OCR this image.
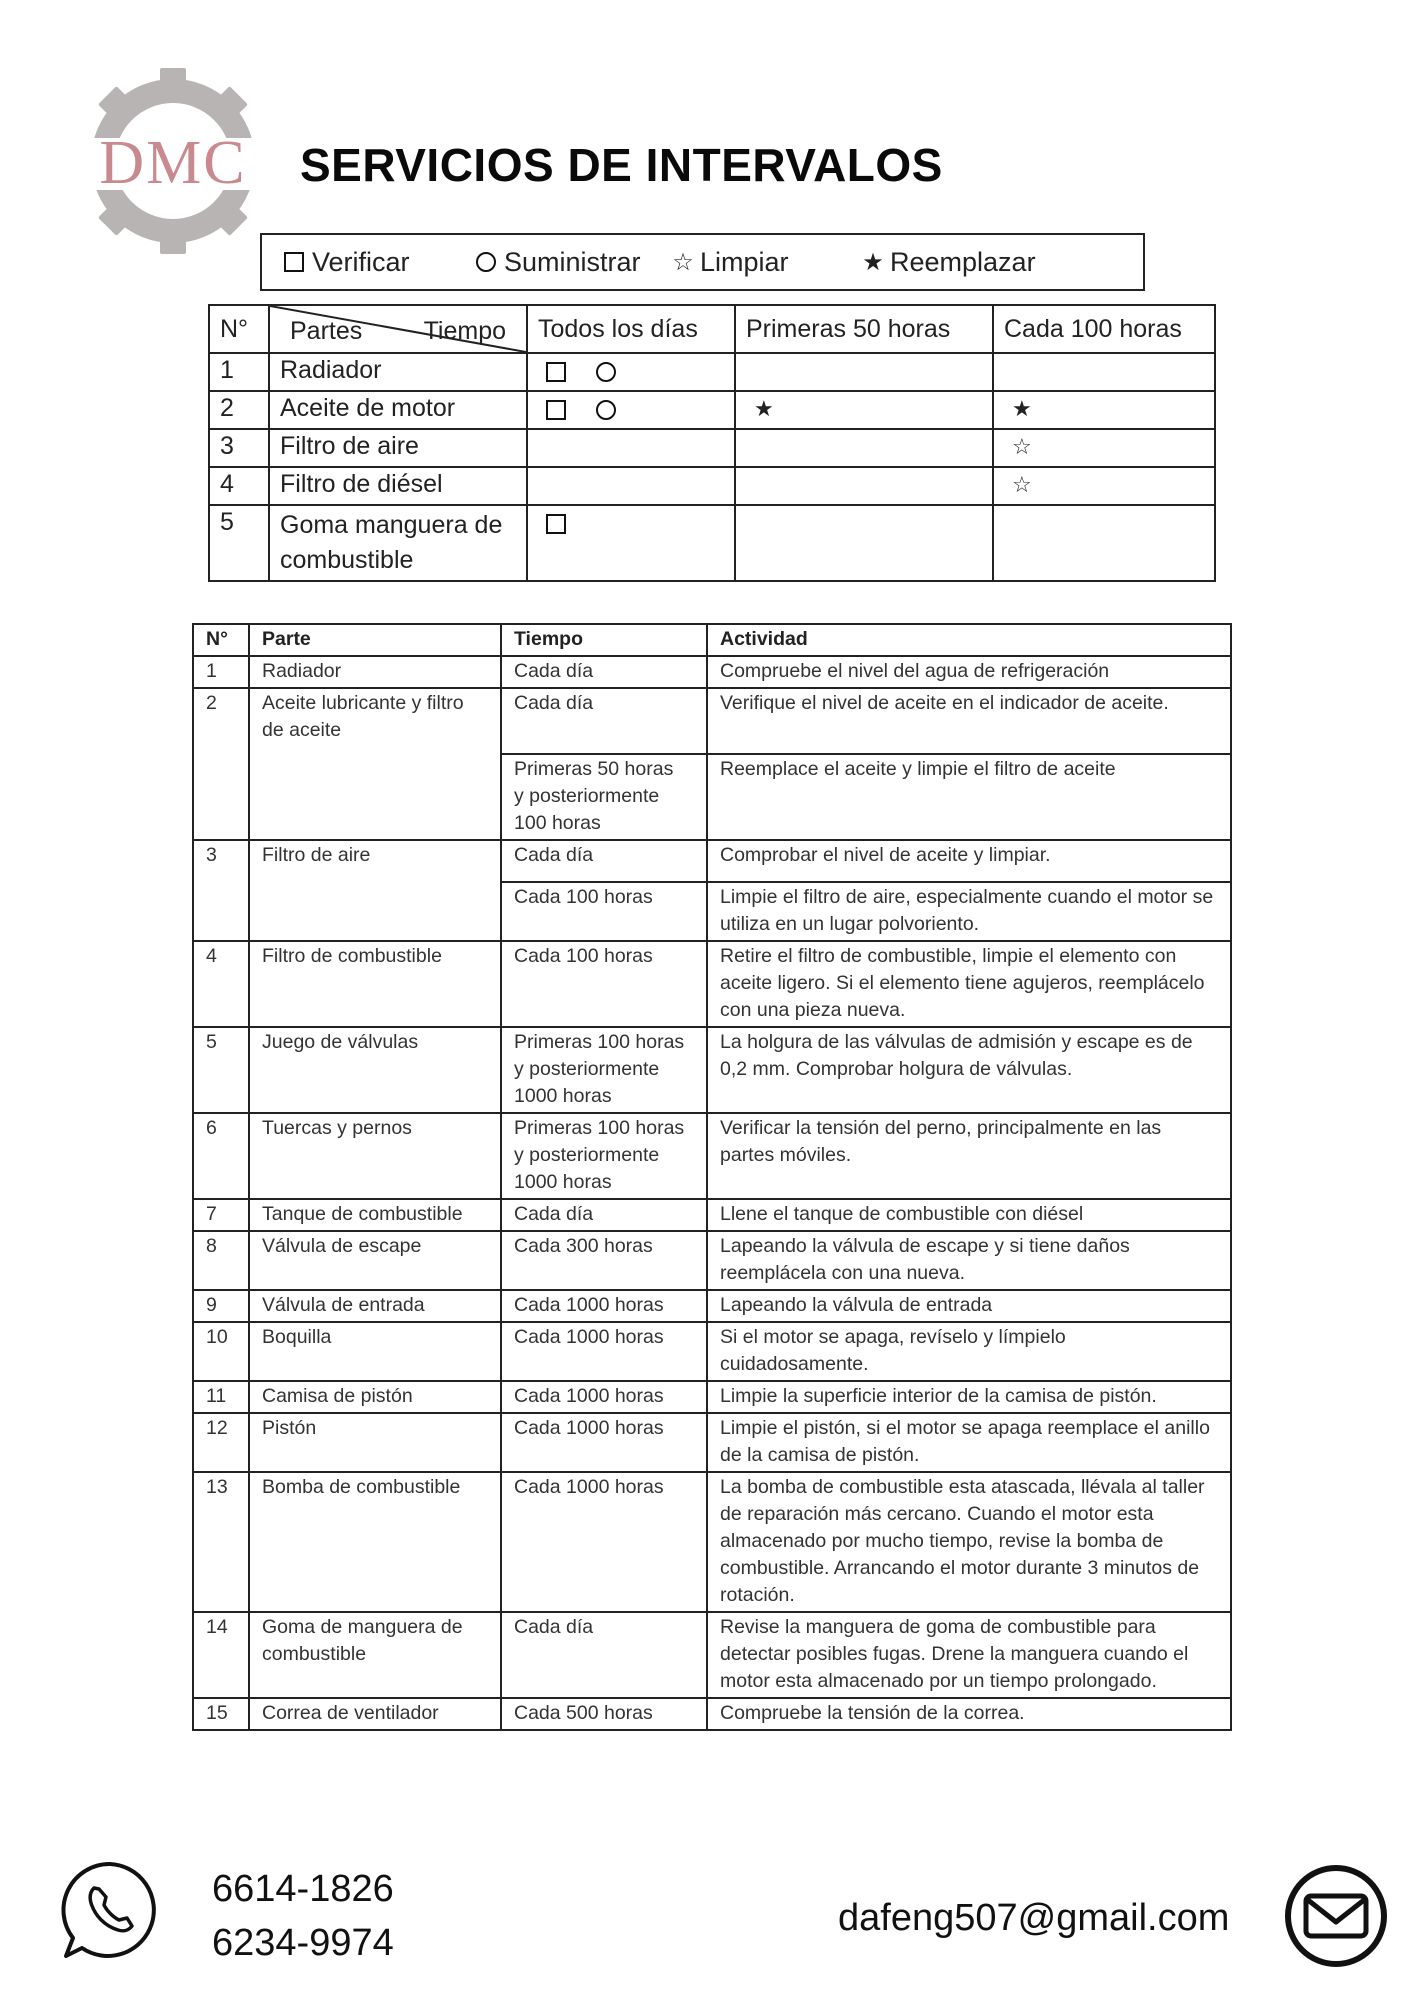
DMC SERVICIOS DE INTERVALOS
Verificar	Suministrar ☆ Limpiar	★ Reemplazar
N°	Partes Tiempo	Todos los días	Primeras 50 horas	Cada 100 horas
1	Radiador	

2	Aceite de motor		★	★
3	Filtro de aire			☆
4	Filtro de diésel			☆
5	Goma manguera de combustible	

N°	Parte	Tiempo	Actividad
1	Radiador	Cada día	Compruebe el nivel del agua de refrigeración
2	Aceite lubricante y filtro de aceite	Cada día	Verifique el nivel de aceite en el indicador de aceite.
		Primeras 50 horas
y posteriormente
100 horas	Reemplace el aceite y limpie el filtro de aceite
3	Filtro de aire	Cada día	Comprobar el nivel de aceite y limpiar.
		Cada 100 horas	Limpie el filtro de aire, especialmente cuando el motor se utiliza en un lugar polvoriento.
4	Filtro de combustible	Cada 100 horas	Retire el filtro de combustible, limpie el elemento con aceite ligero. Si el elemento tiene agujeros, reemplácelo con una pieza nueva.
5	Juego de válvulas	Primeras 100 horas
y posteriormente
1000 horas	La holgura de las válvulas de admisión y escape es de 0,2 mm. Comprobar holgura de válvulas.
6	Tuercas y pernos	Primeras 100 horas
y posteriormente
1000 horas	Verificar la tensión del perno, principalmente en las partes móviles.
7	Tanque de combustible	Cada día	Llene el tanque de combustible con diésel
8	Válvula de escape	Cada 300 horas	Lapeando la válvula de escape y si tiene daños reemplácela con una nueva.
9	Válvula de entrada	Cada 1000 horas	Lapeando la válvula de entrada
10	Boquilla	Cada 1000 horas	Si el motor se apaga, revíselo y límpielo cuidadosamente.
11	Camisa de pistón	Cada 1000 horas	Limpie la superficie interior de la camisa de pistón.
12	Pistón	Cada 1000 horas	Limpie el pistón, si el motor se apaga reemplace el anillo de la camisa de pistón.
13	Bomba de combustible	Cada 1000 horas	La bomba de combustible esta atascada, llévala al taller de reparación más cercano. Cuando el motor esta almacenado por mucho tiempo, revise la bomba de combustible. Arrancando el motor durante 3 minutos de rotación.
14	Goma de manguera de combustible	Cada día	Revise la manguera de goma de combustible para detectar posibles fugas. Drene la manguera cuando el motor esta almacenado por un tiempo prolongado.
15	Correa de ventilador	Cada 500 horas	Compruebe la tensión de la correa.
6614-1826
6234-9974
dafeng507@gmail.com
